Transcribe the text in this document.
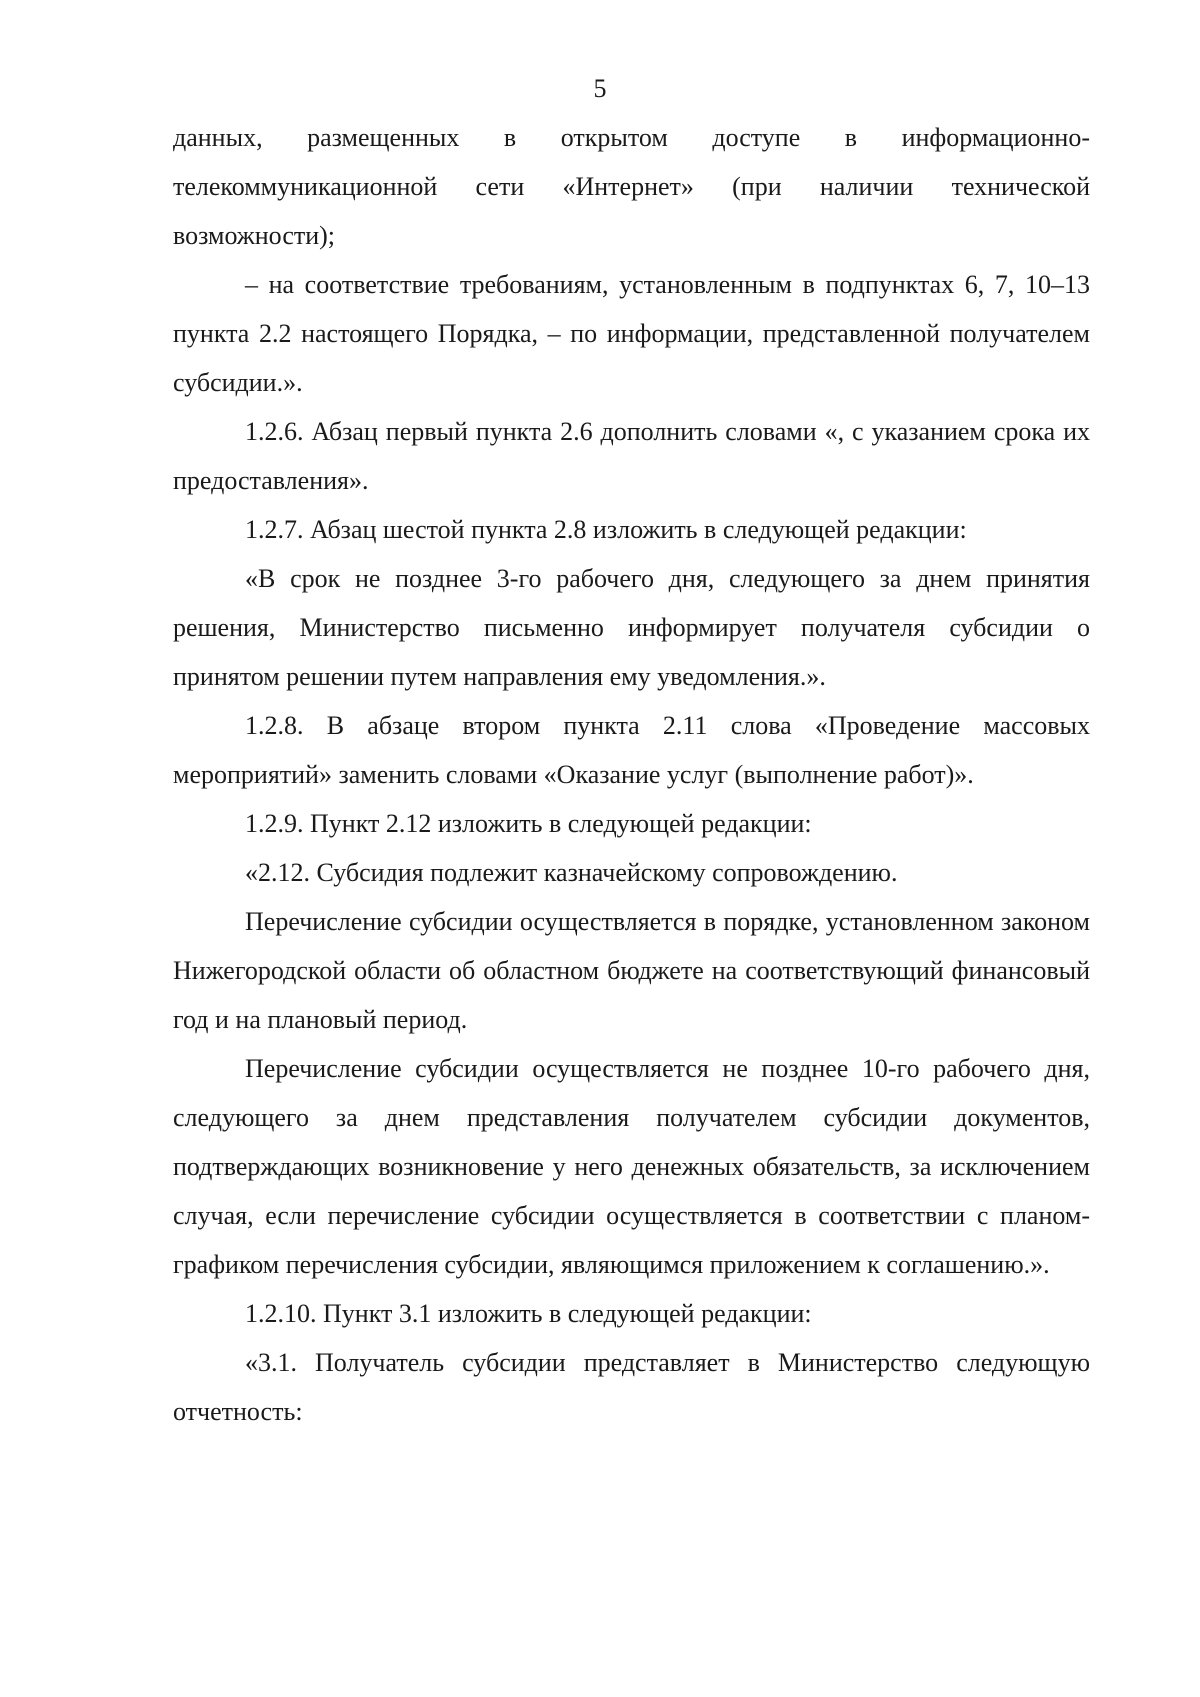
5

данных, размещенных в открытом доступе в информационно-телекоммуникационной сети «Интернет» (при наличии технической возможности);

– на соответствие требованиям, установленным в подпунктах 6, 7, 10–13 пункта 2.2 настоящего Порядка, – по информации, представленной получателем субсидии.».

1.2.6. Абзац первый пункта 2.6 дополнить словами «, с указанием срока их предоставления».

1.2.7. Абзац шестой пункта 2.8 изложить в следующей редакции:

«В срок не позднее 3-го рабочего дня, следующего за днем принятия решения, Министерство письменно информирует получателя субсидии о принятом решении путем направления ему уведомления.».

1.2.8. В абзаце втором пункта 2.11 слова «Проведение массовых мероприятий» заменить словами «Оказание услуг (выполнение работ)».

1.2.9. Пункт 2.12 изложить в следующей редакции:

«2.12. Субсидия подлежит казначейскому сопровождению.

Перечисление субсидии осуществляется в порядке, установленном законом Нижегородской области об областном бюджете на соответствующий финансовый год и на плановый период.

Перечисление субсидии осуществляется не позднее 10-го рабочего дня, следующего за днем представления получателем субсидии документов, подтверждающих возникновение у него денежных обязательств, за исключением случая, если перечисление субсидии осуществляется в соответствии с планом-графиком перечисления субсидии, являющимся приложением к соглашению.».

1.2.10. Пункт 3.1 изложить в следующей редакции:

«3.1. Получатель субсидии представляет в Министерство следующую отчетность:
